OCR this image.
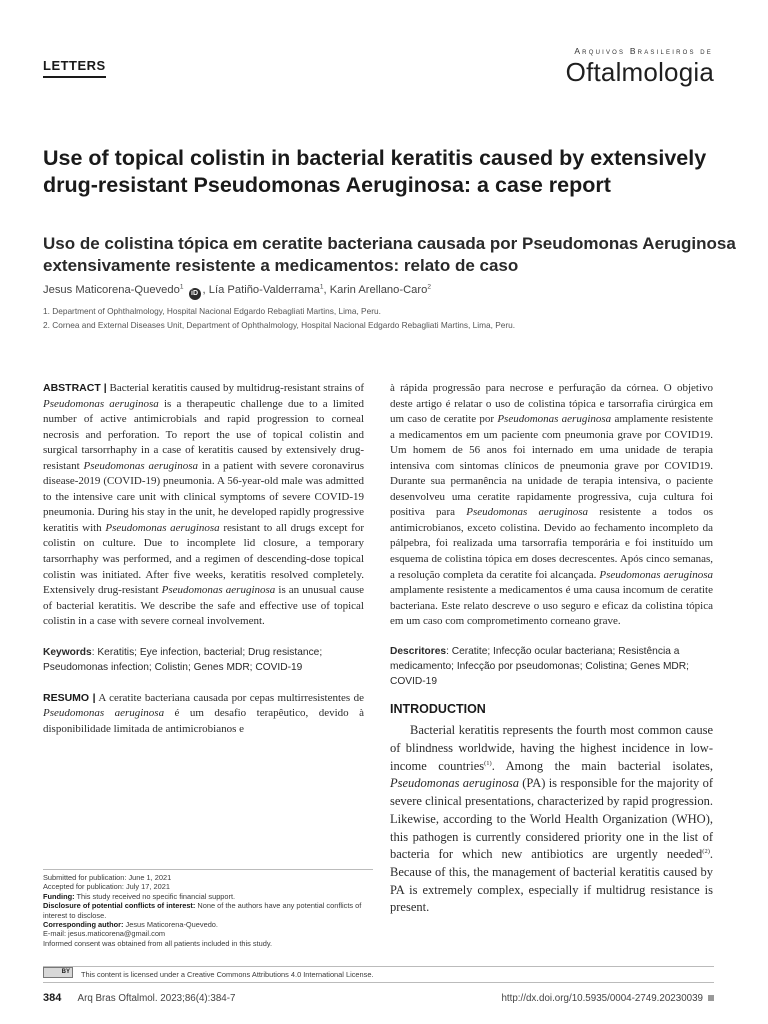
LETTERS
Arquivos Brasileiros de
Oftalmologia
Use of topical colistin in bacterial keratitis caused by extensively drug-resistant Pseudomonas Aeruginosa: a case report
Uso de colistina tópica em ceratite bacteriana causada por Pseudomonas Aeruginosa extensivamente resistente a medicamentos: relato de caso
Jesus Maticorena-Quevedo$^1$ iD , Lía Patiño-Valderrama$^1$, Karin Arellano-Caro$^2$
1. Department of Ophthalmology, Hospital Nacional Edgardo Rebagliati Martins, Lima, Peru.
2. Cornea and External Diseases Unit, Department of Ophthalmology, Hospital Nacional Edgardo Rebagliati Martins, Lima, Peru.

ABSTRACT | Bacterial keratitis caused by multidrug-resistant strains of Pseudomonas aeruginosa is a therapeutic challenge due to a limited number of active antimicrobials and rapid progression to corneal necrosis and perforation. To report the use of topical colistin and surgical tarsorrhaphy in a case of keratitis caused by extensively drug-resistant Pseudomonas aeruginosa in a patient with severe coronavirus disease-2019 (COVID-19) pneumonia. A 56-year-old male was admitted to the intensive care unit with clinical symptoms of severe COVID-19 pneumonia. During his stay in the unit, he developed rapidly progressive keratitis with Pseudomonas aeruginosa resistant to all drugs except for colistin on culture. Due to incomplete lid closure, a temporary tarsorrhaphy was performed, and a regimen of descending-dose topical colistin was initiated. After five weeks, keratitis resolved completely. Extensively drug-resistant Pseudomonas aeruginosa is an unusual cause of bacterial keratitis. We describe the safe and effective use of topical colistin in a case with severe corneal involvement.

Keywords: Keratitis; Eye infection, bacterial; Drug resistance; Pseudomonas infection; Colistin; Genes MDR; COVID-19

RESUMO | A ceratite bacteriana causada por cepas multirresistentes de Pseudomonas aeruginosa é um desafio terapêutico, devido à disponibilidade limitada de antimicrobianos e

à rápida progressão para necrose e perfuração da córnea. O objetivo deste artigo é relatar o uso de colistina tópica e tarsorrafia cirúrgica em um caso de ceratite por Pseudomonas aeruginosa amplamente resistente a medicamentos em um paciente com pneumonia grave por COVID19. Um homem de 56 anos foi internado em uma unidade de terapia intensiva com sintomas clínicos de pneumonia grave por COVID19. Durante sua permanência na unidade de terapia intensiva, o paciente desenvolveu uma ceratite rapidamente progressiva, cuja cultura foi positiva para Pseudomonas aeruginosa resistente a todos os antimicrobianos, exceto colistina. Devido ao fechamento incompleto da pálpebra, foi realizada uma tarsorrafia temporária e foi instituído um esquema de colistina tópica em doses decrescentes. Após cinco semanas, a resolução completa da ceratite foi alcançada. Pseudomonas aeruginosa amplamente resistente a medicamentos é uma causa incomum de ceratite bacteriana. Este relato descreve o uso seguro e eficaz da colistina tópica em um caso com comprometimento corneano grave.

Descritores: Ceratite; Infecção ocular bacteriana; Resistência a medicamento; Infecção por pseudomonas; Colistina; Genes MDR; COVID-19

INTRODUCTION

Bacterial keratitis represents the fourth most common cause of blindness worldwide, having the highest incidence in low-income countries$^{(1)}$. Among the main bacterial isolates, Pseudomonas aeruginosa (PA) is responsible for the majority of severe clinical presentations, characterized by rapid progression. Likewise, according to the World Health Organization (WHO), this pathogen is currently considered priority one in the list of bacteria for which new antibiotics are urgently needed$^{(2)}$. Because of this, the management of bacterial keratitis caused by PA is extremely complex, especially if multidrug resistance is present.

Submitted for publication: June 1, 2021

Accepted for publication: July 17, 2021

Funding: This study received no specific financial support.

Disclosure of potential conflicts of interest: None of the authors have any potential conflicts of interest to disclose.

Corresponding author: Jesus Maticorena-Quevedo.

E-mail: jesus.maticorena@gmail.com

Informed consent was obtained from all patients included in this study.

BY This content is licensed under a Creative Commons Attributions 4.0 International License.
384 Arq Bras Oftalmol. 2023;86(4):384-7	http://dx.doi.org/10.5935/0004-2749.20230039
